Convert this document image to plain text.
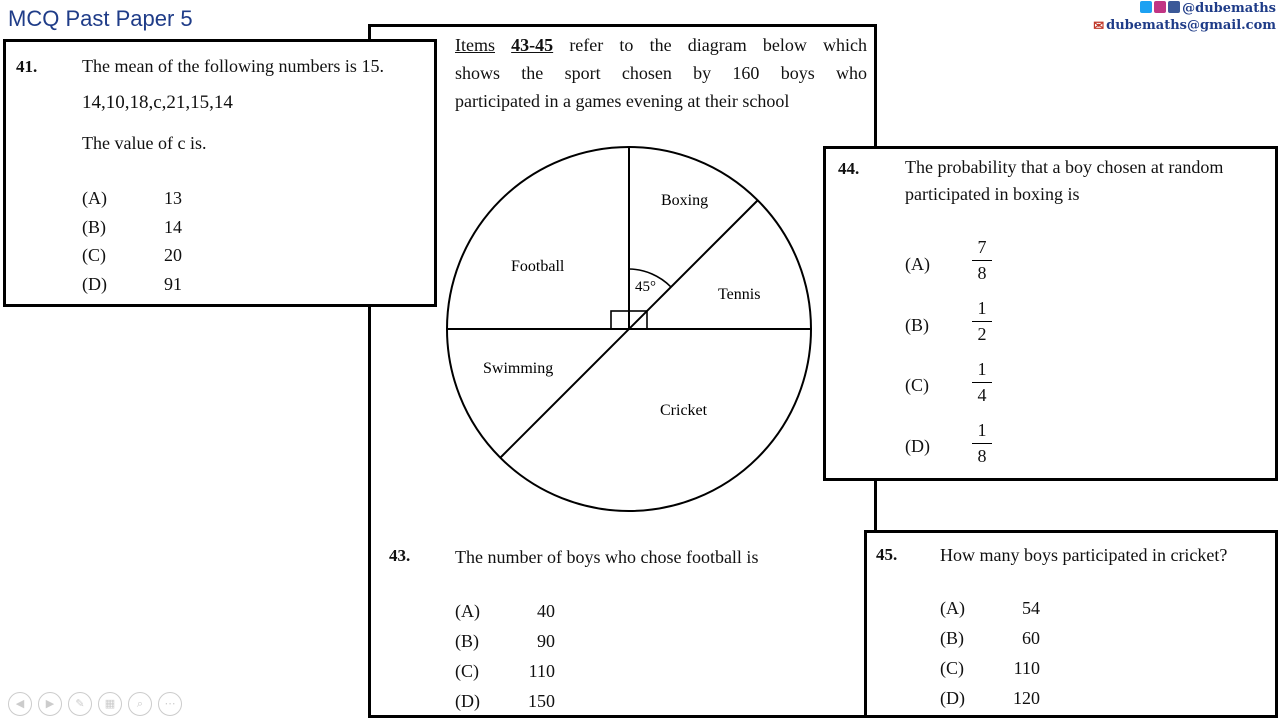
MCQ Past Paper 5	@dubemaths
✉ dubemaths@gmail.com
Items 43-45 refer to the diagram below which
shows the sport chosen by 160 boys who
participated in a games evening at their school
45°
Boxing
Football
Tennis
Swimming
Cricket
43. The number of boys who chose football is
(A)	40
(B)	90
(C)	110
(D)	150
41. The mean of the following numbers is 15.
14,10,18,c,21,15,14
The value of c is.
(A)	13
(B)	14
(C)	20
(D)	91
44.	The probability that a boy chosen at random
participated in boxing is
(A)
7
8
(B)
1
2
(C)
1
4
(D)
1
8
45. How many boys participated in cricket?
(A)	54
(B)	60
(C)	110
(D)	120
◀	▶	✎	▦	⌕	⋯
